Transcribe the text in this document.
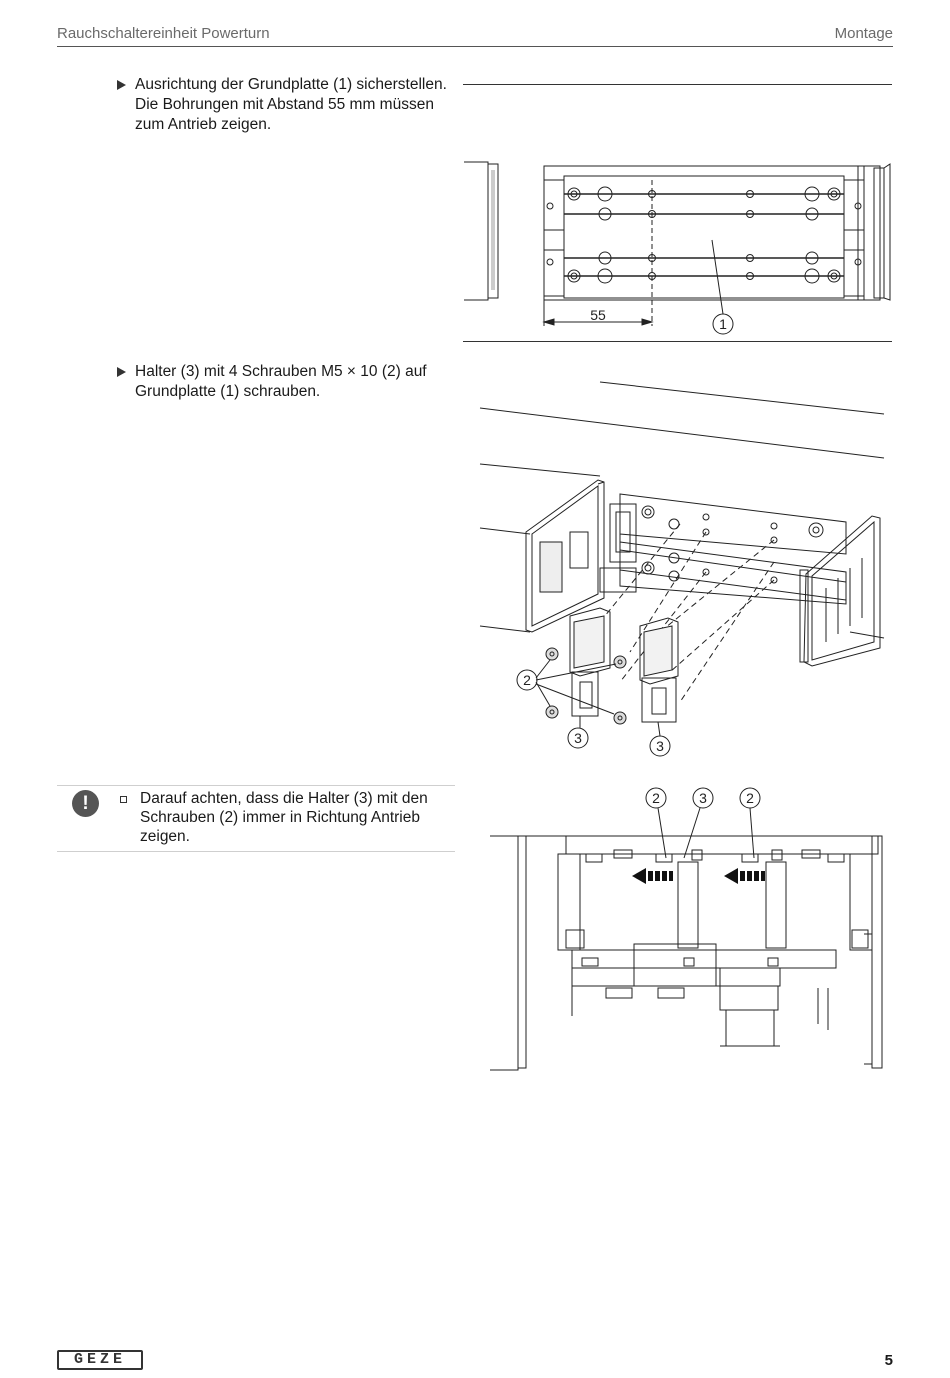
Rauchschaltereinheit Powerturn	Montage
Ausrichtung der Grundplatte (1) sicherstellen. Die Bohrungen mit Abstand 55 mm müssen zum Antrieb zeigen.
55
1
Halter (3) mit 4 Schrauben M5 × 10 (2) auf Grundplatte (1) schrauben.
2
3	3
!	Darauf achten, dass die Halter (3) mit den Schrauben (2) immer in Richtung Antrieb zeigen.
2	3	2
GEZE	5
